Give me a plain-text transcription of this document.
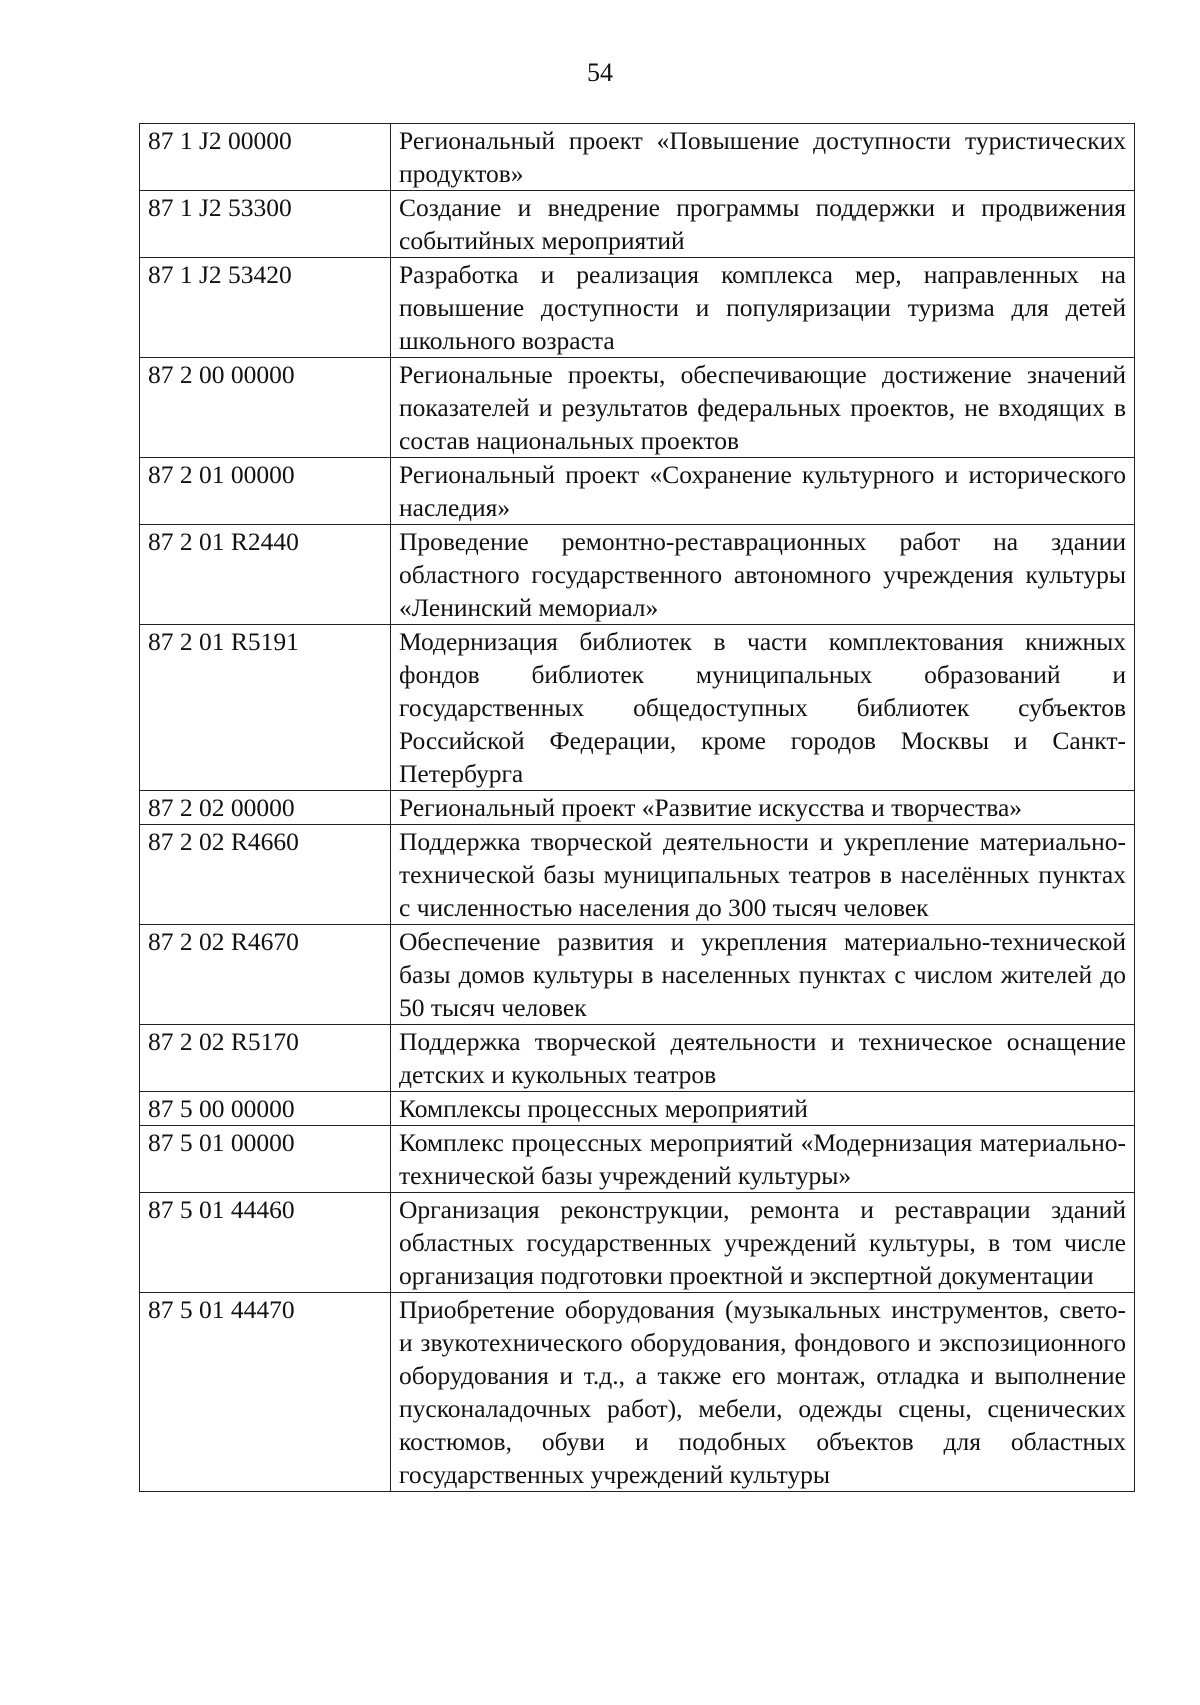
54
87 1 J2 00000	Региональный проект «Повышение доступности туристических продуктов»
87 1 J2 53300	Создание и внедрение программы поддержки и продвижения событийных мероприятий
87 1 J2 53420	Разработка и реализация комплекса мер, направленных на повышение доступности и популяризации туризма для детей школьного возраста
87 2 00 00000	Региональные проекты, обеспечивающие достижение значений показателей и результатов федеральных проектов, не входящих в состав национальных проектов
87 2 01 00000	Региональный проект «Сохранение культурного и исторического наследия»
87 2 01 R2440	Проведение ремонтно-реставрационных работ на здании областного государственного автономного учреждения культуры «Ленинский мемориал»
87 2 01 R5191	Модернизация библиотек в части комплектования книжных фондов библиотек муниципальных образований и государственных общедоступных библиотек субъектов Российской Федерации, кроме городов Москвы и Санкт-Петербурга
87 2 02 00000	Региональный проект «Развитие искусства и творчества»
87 2 02 R4660	Поддержка творческой деятельности и укрепление материально-технической базы муниципальных театров в населённых пунктах с численностью населения до 300 тысяч человек
87 2 02 R4670	Обеспечение развития и укрепления материально-технической базы домов культуры в населенных пунктах с числом жителей до 50 тысяч человек
87 2 02 R5170	Поддержка творческой деятельности и техническое оснащение детских и кукольных театров
87 5 00 00000	Комплексы процессных мероприятий
87 5 01 00000	Комплекс процессных мероприятий «Модернизация материально-технической базы учреждений культуры»
87 5 01 44460	Организация реконструкции, ремонта и реставрации зданий областных государственных учреждений культуры, в том числе организация подготовки проектной и экспертной документации
87 5 01 44470	Приобретение оборудования (музыкальных инструментов, свето- и звукотехнического оборудования, фондового и экспозиционного оборудования и т.д., а также его монтаж, отладка и выполнение пусконаладочных работ), мебели, одежды сцены, сценических костюмов, обуви и подобных объектов для областных государственных учреждений культуры
